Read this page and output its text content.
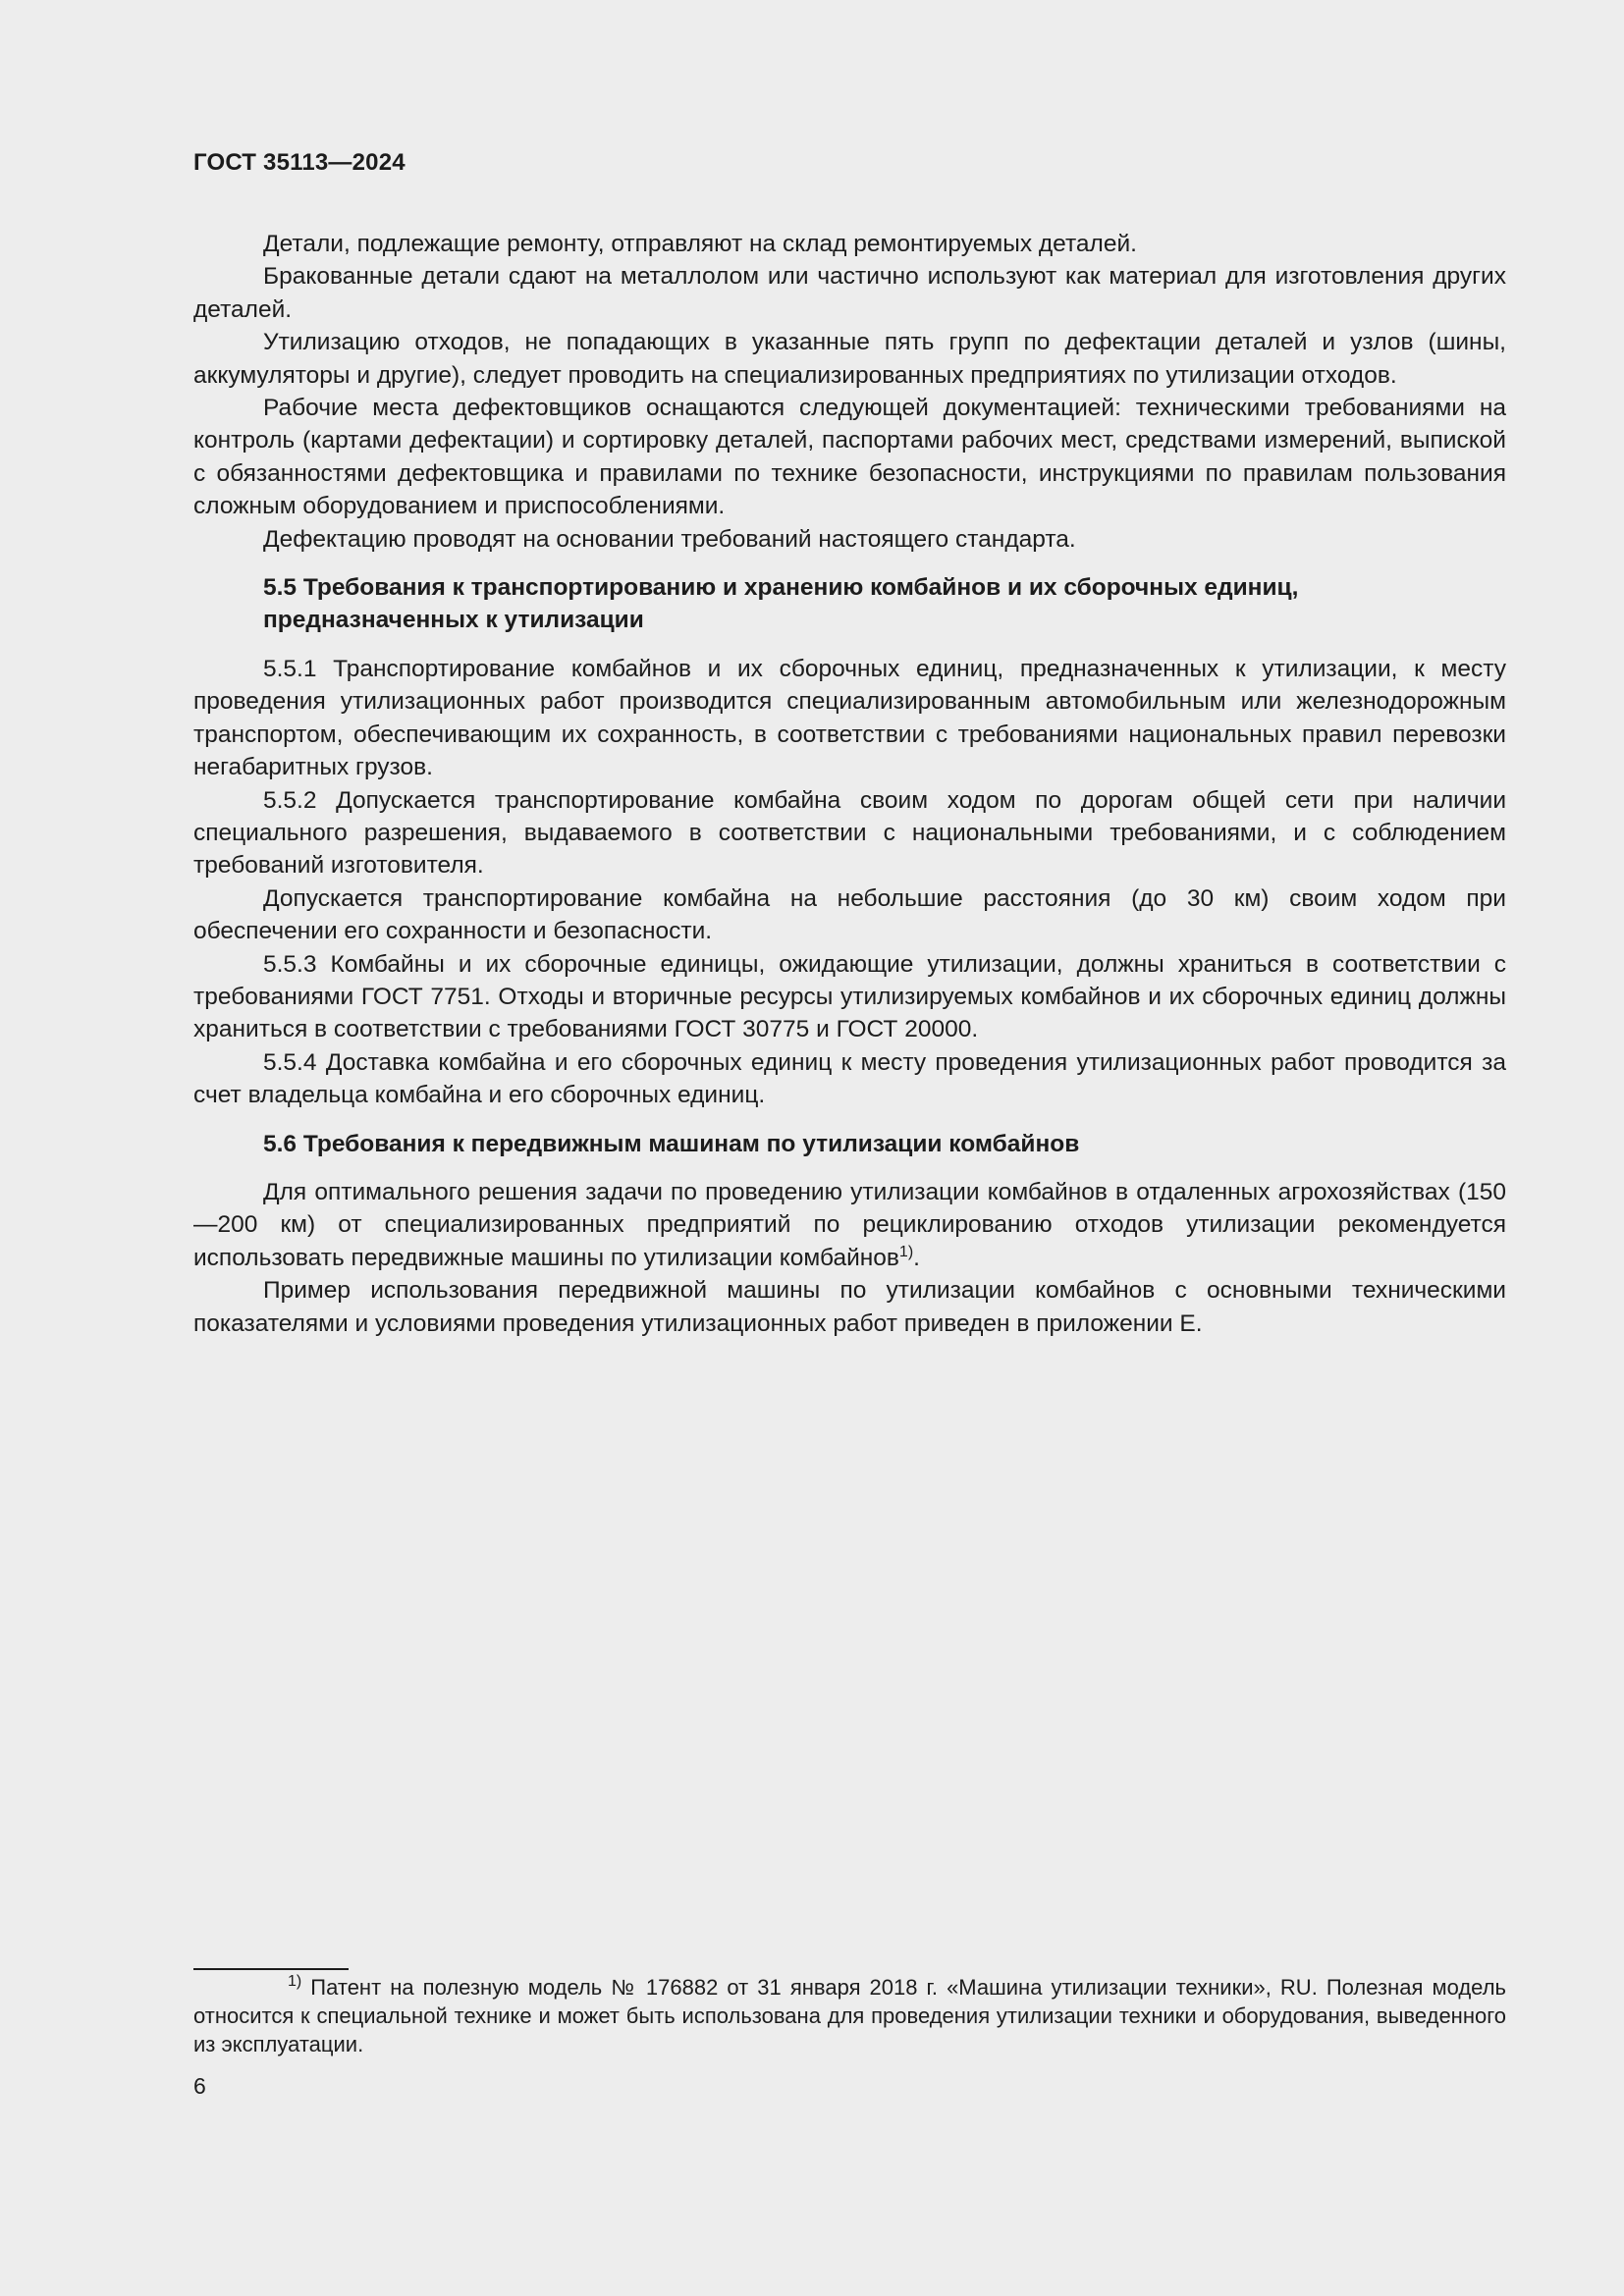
ГОСТ 35113—2024

Детали, подлежащие ремонту, отправляют на склад ремонтируемых деталей.

Бракованные детали сдают на металлолом или частично используют как материал для изготовления других деталей.

Утилизацию отходов, не попадающих в указанные пять групп по дефектации деталей и узлов (шины, аккумуляторы и другие), следует проводить на специализированных предприятиях по утилизации отходов.

Рабочие места дефектовщиков оснащаются следующей документацией: техническими требованиями на контроль (картами дефектации) и сортировку деталей, паспортами рабочих мест, средствами измерений, выпиской с обязанностями дефектовщика и правилами по технике безопасности, инструкциями по правилам пользования сложным оборудованием и приспособлениями.

Дефектацию проводят на основании требований настоящего стандарта.

5.5 Требования к транспортированию и хранению комбайнов и их сборочных единиц, предназначенных к утилизации

5.5.1 Транспортирование комбайнов и их сборочных единиц, предназначенных к утилизации, к месту проведения утилизационных работ производится специализированным автомобильным или железнодорожным транспортом, обеспечивающим их сохранность, в соответствии с требованиями национальных правил перевозки негабаритных грузов.

5.5.2 Допускается транспортирование комбайна своим ходом по дорогам общей сети при наличии специального разрешения, выдаваемого в соответствии с национальными требованиями, и с соблюдением требований изготовителя.

Допускается транспортирование комбайна на небольшие расстояния (до 30 км) своим ходом при обеспечении его сохранности и безопасности.

5.5.3 Комбайны и их сборочные единицы, ожидающие утилизации, должны храниться в соответствии с требованиями ГОСТ 7751. Отходы и вторичные ресурсы утилизируемых комбайнов и их сборочных единиц должны храниться в соответствии с требованиями ГОСТ 30775 и ГОСТ 20000.

5.5.4 Доставка комбайна и его сборочных единиц к месту проведения утилизационных работ проводится за счет владельца комбайна и его сборочных единиц.

5.6 Требования к передвижным машинам по утилизации комбайнов

Для оптимального решения задачи по проведению утилизации комбайнов в отдаленных агрохозяйствах (150—200 км) от специализированных предприятий по рециклированию отходов утилизации рекомендуется использовать передвижные машины по утилизации комбайнов$^{1)}$.

Пример использования передвижной машины по утилизации комбайнов с основными техническими показателями и условиями проведения утилизационных работ приведен в приложении Е.

$^{1)}$ Патент на полезную модель № 176882 от 31 января 2018 г. «Машина утилизации техники», RU. Полезная модель относится к специальной технике и может быть использована для проведения утилизации техники и оборудования, выведенного из эксплуатации.

6
